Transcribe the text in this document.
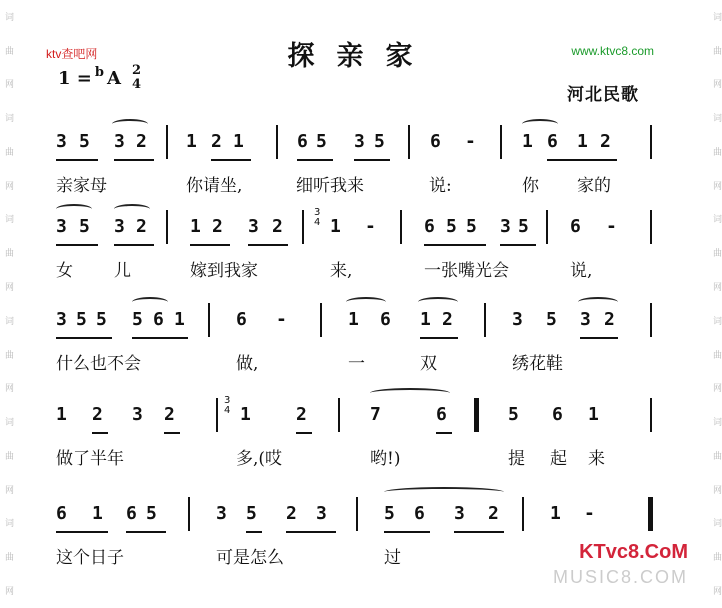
词
曲
网
词
曲
网
词
曲
网
词
曲
网
词
曲
网
词
曲
网
词
曲
网
词
曲
网
词
曲
网
词
曲
网
词
曲
网
词
曲
网
ktv查吧网	www.ktvc8.com
探亲家
1 = b A 2
4
河北民歌
3 5 3 2 1 2 1	6 5 3 5	6 -	1 6 1 2
亲家母	你请坐,	细听我来	说:	你 家的
3 5 3 2 1 2 3 2
3
4 1 -	6 5 5 3 5 6 -
女 儿	嫁到我家	来,	一张嘴光会	说,
3 5 5 5 6 1	6 -	1 6 1 2	3 5 3 2
什么也不会	做,	一	双	绣花鞋
1 2 3 2
3
4 1	2	7	6	5 6 1
做了半年	多,(哎	哟!)	提 起 来
6 1 6 5	3 5 2 3	5 6 3 2	1 -
这个日子	可是怎么	过	KTvc8.CoM
MUSIC8.COM
